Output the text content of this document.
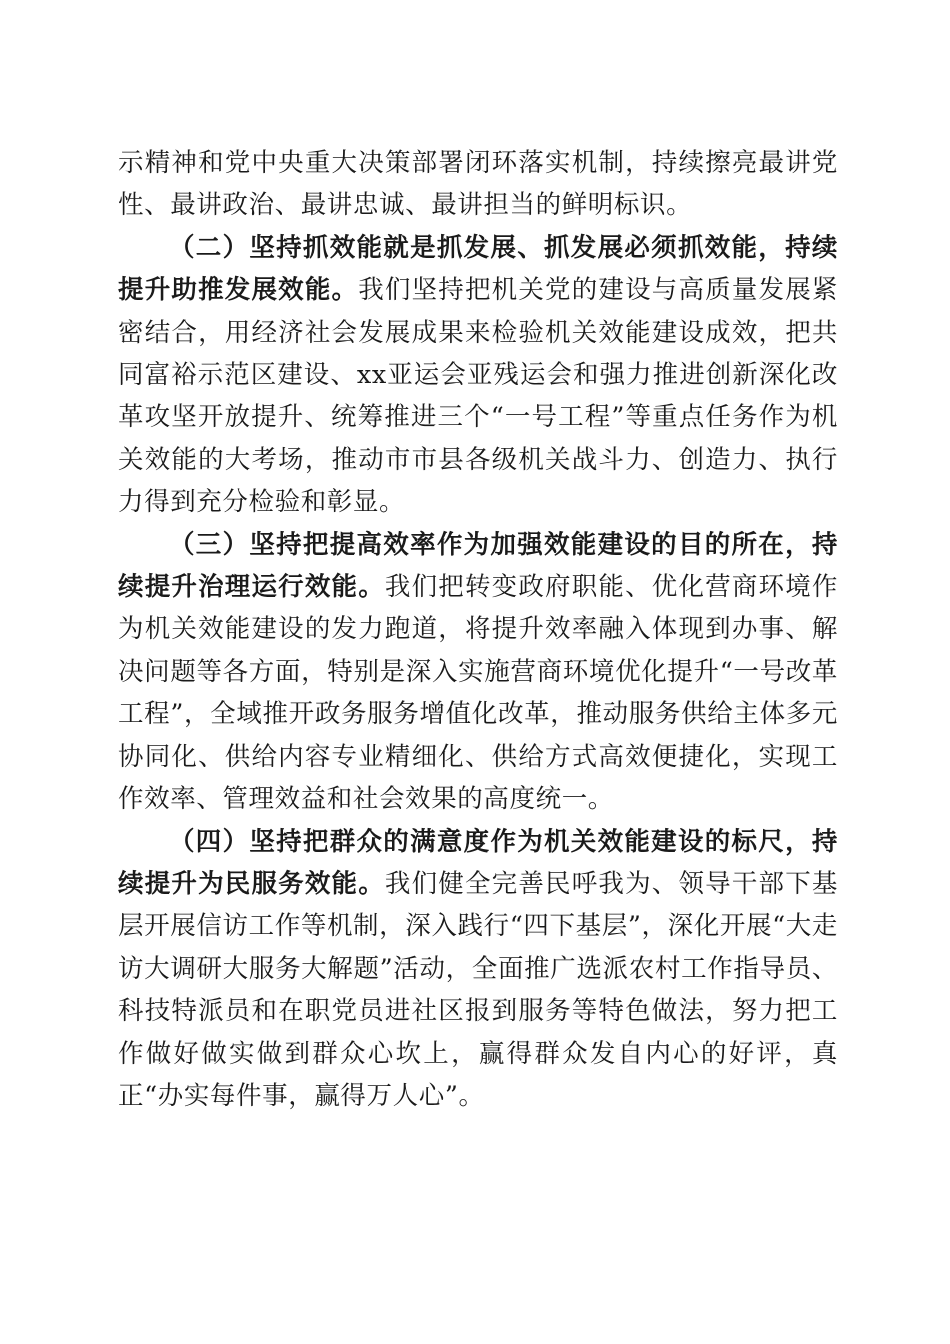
示精神和党中央重大决策部署闭环落实机制，持续擦亮最讲党性、最讲政治、最讲忠诚、最讲担当的鲜明标识。

（二）坚持抓效能就是抓发展、抓发展必须抓效能，持续提升助推发展效能。我们坚持把机关党的建设与高质量发展紧密结合，用经济社会发展成果来检验机关效能建设成效，把共同富裕示范区建设、xx亚运会亚残运会和强力推进创新深化改革攻坚开放提升、统筹推进三个“一号工程”等重点任务作为机关效能的大考场，推动市市县各级机关战斗力、创造力、执行力得到充分检验和彰显。

（三）坚持把提高效率作为加强效能建设的目的所在，持续提升治理运行效能。我们把转变政府职能、优化营商环境作为机关效能建设的发力跑道，将提升效率融入体现到办事、解决问题等各方面，特别是深入实施营商环境优化提升“一号改革工程”，全域推开政务服务增值化改革，推动服务供给主体多元协同化、供给内容专业精细化、供给方式高效便捷化，实现工作效率、管理效益和社会效果的高度统一。

（四）坚持把群众的满意度作为机关效能建设的标尺，持续提升为民服务效能。我们健全完善民呼我为、领导干部下基层开展信访工作等机制，深入践行“四下基层”，深化开展“大走访大调研大服务大解题”活动，全面推广选派农村工作指导员、科技特派员和在职党员进社区报到服务等特色做法，努力把工作做好做实做到群众心坎上，赢得群众发自内心的好评，真正“办实每件事，赢得万人心”。
